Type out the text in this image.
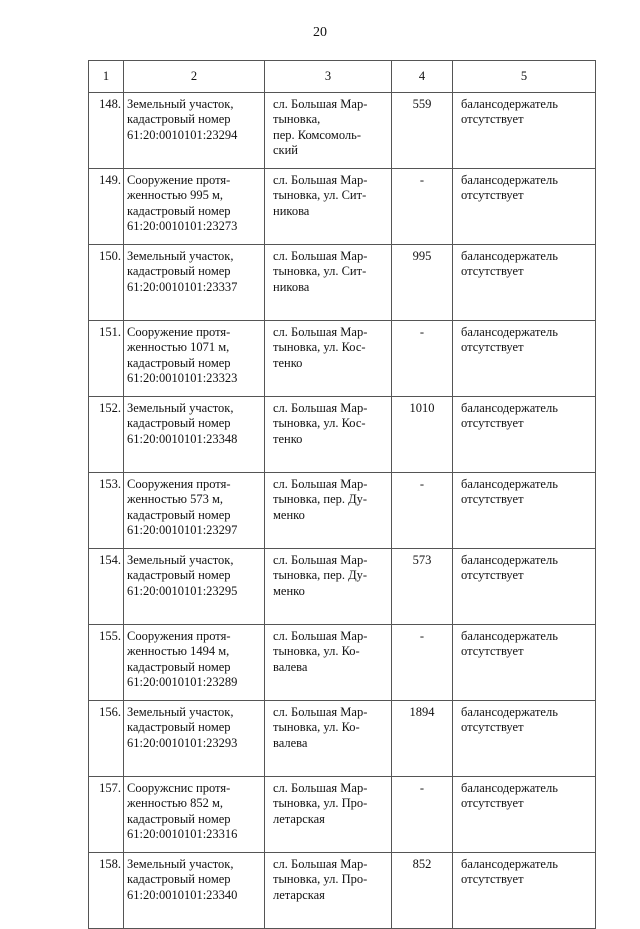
20
1	2	3	4	5
148.	Земельный участок,
кадастровый номер
61:20:0010101:23294	сл. Большая Мар-
тыновка,
пер. Комсомоль-
ский	559	балансодержатель
отсутствует

149.	Сооружение протя-
женностью 995 м,
кадастровый номер
61:20:0010101:23273	сл. Большая Мар-
тыновка, ул. Сит-
никова	-	балансодержатель
отсутствует

150.	Земельный участок,
кадастровый номер
61:20:0010101:23337	сл. Большая Мар-
тыновка, ул. Сит-
никова	995	балансодержатель
отсутствует

151.	Сооружение протя-
женностью 1071 м,
кадастровый номер
61:20:0010101:23323	сл. Большая Мар-
тыновка, ул. Кос-
тенко	-	балансодержатель
отсутствует

152.	Земельный участок,
кадастровый номер
61:20:0010101:23348	сл. Большая Мар-
тыновка, ул. Кос-
тенко	1010	балансодержатель
отсутствует

153.	Сооружения протя-
женностью 573 м,
кадастровый номер
61:20:0010101:23297	сл. Большая Мар-
тыновка, пер. Ду-
менко	-	балансодержатель
отсутствует

154.	Земельный участок,
кадастровый номер
61:20:0010101:23295	сл. Большая Мар-
тыновка, пер. Ду-
менко	573	балансодержатель
отсутствует

155.	Сооружения протя-
женностью 1494 м,
кадастровый номер
61:20:0010101:23289	сл. Большая Мар-
тыновка, ул. Ко-
валева	-	балансодержатель
отсутствует

156.	Земельный участок,
кадастровый номер
61:20:0010101:23293	сл. Большая Мар-
тыновка, ул. Ко-
валева	1894	балансодержатель
отсутствует

157.	Сооружснис протя-
женностью 852 м,
кадастровый номер
61:20:0010101:23316	сл. Большая Мар-
тыновка, ул. Про-
летарская	-	балансодержатель
отсутствует

158.	Земельный участок,
кадастровый номер
61:20:0010101:23340	сл. Большая Мар-
тыновка, ул. Про-
летарская	852	балансодержатель
отсутствует
